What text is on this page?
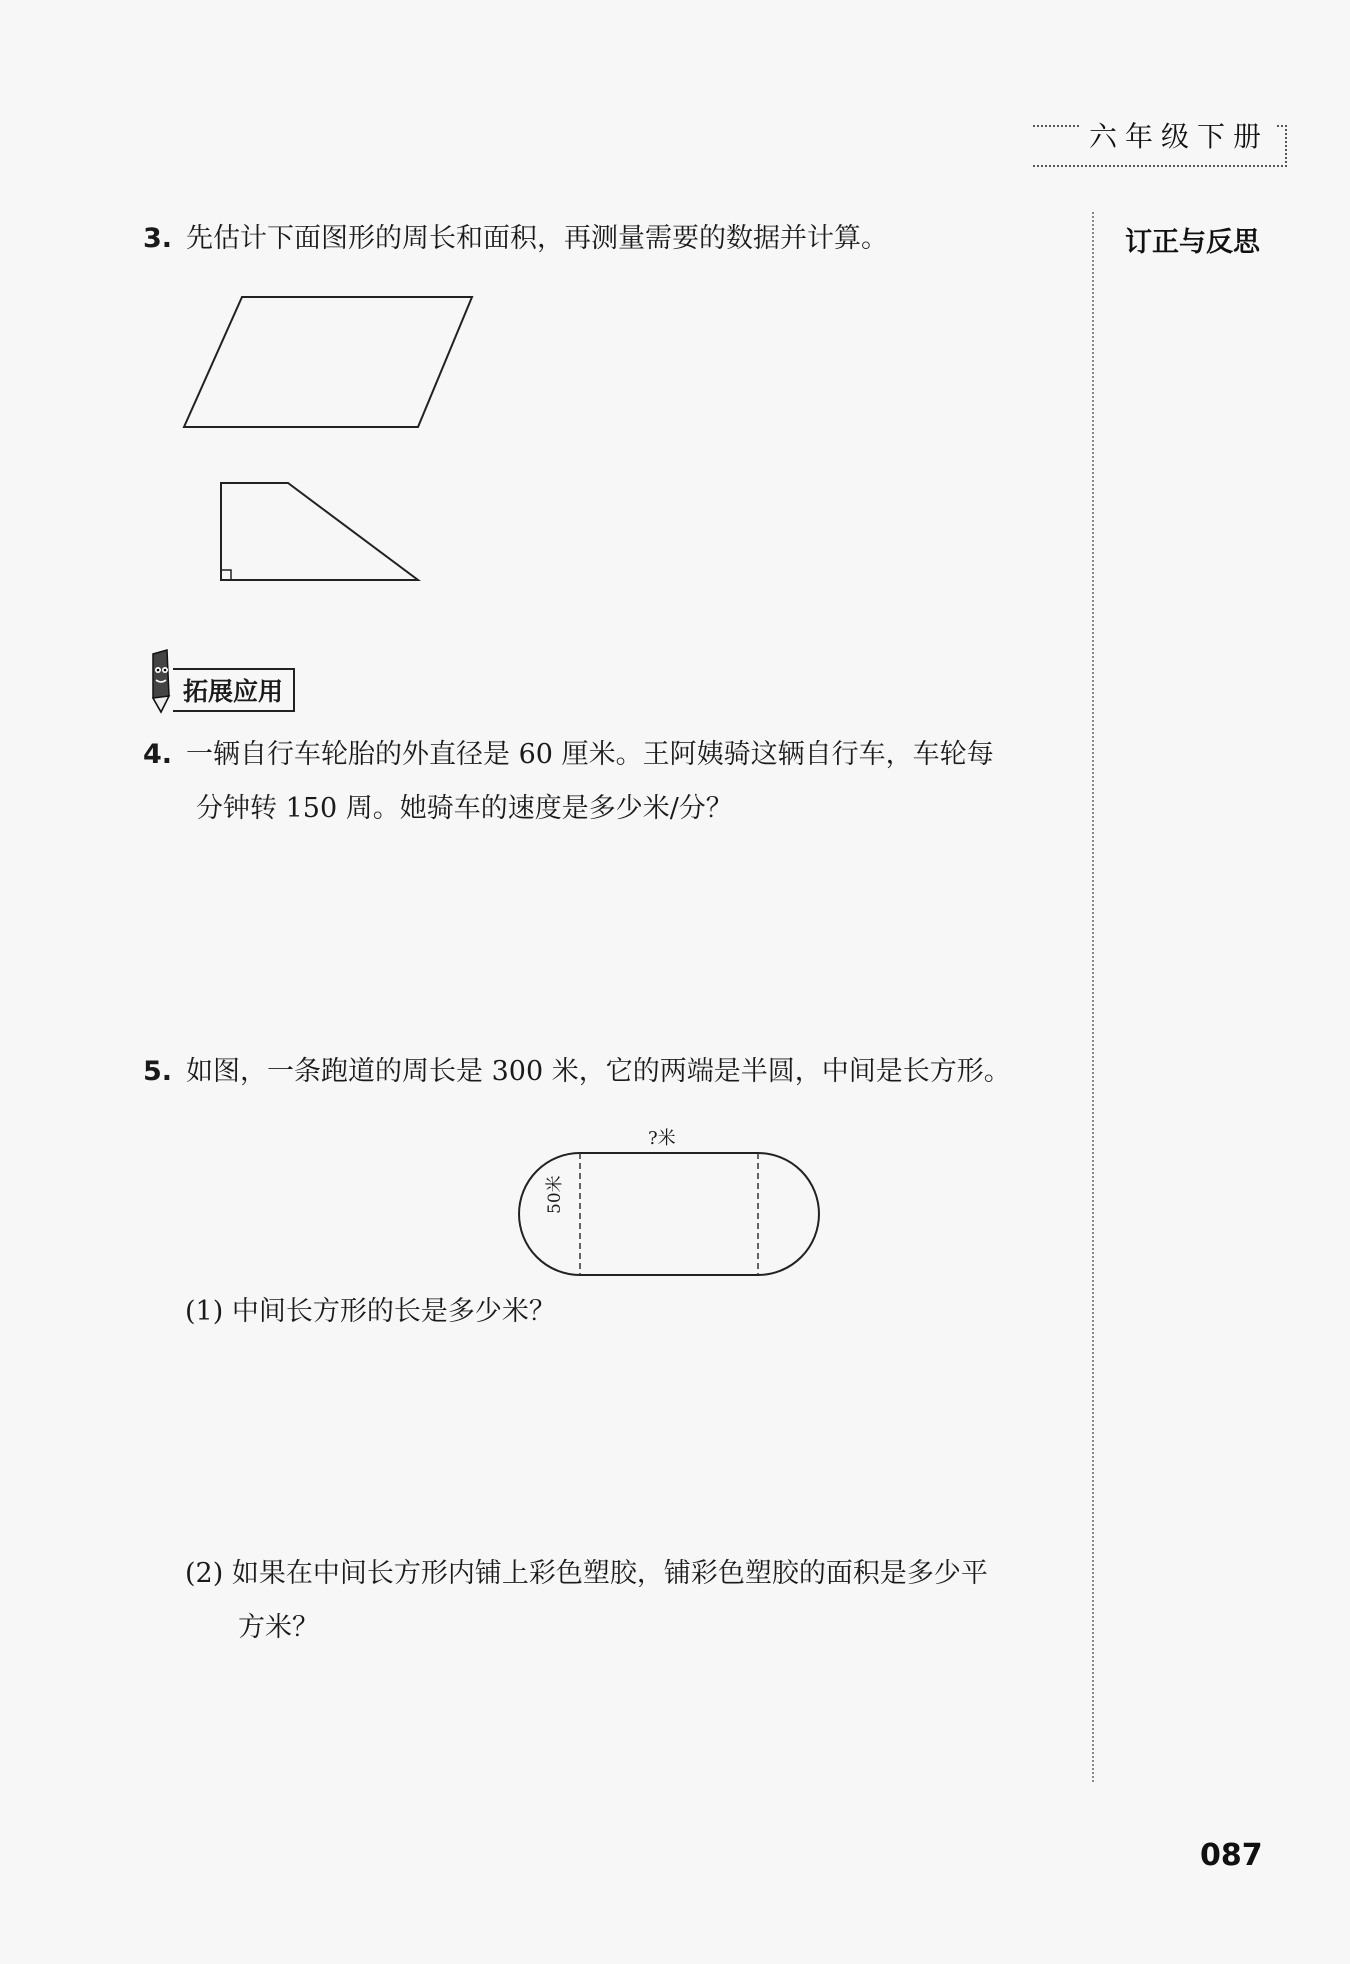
六年级下册
订正与反思
3. 先估计下面图形的周长和面积，再测量需要的数据并计算。
拓展应用
4. 一辆自行车轮胎的外直径是 60 厘米。王阿姨骑这辆自行车，车轮每
分钟转 150 周。她骑车的速度是多少米/分？
5. 如图，一条跑道的周长是 300 米，它的两端是半圆，中间是长方形。
?米
50米
(1) 中间长方形的长是多少米？
(2) 如果在中间长方形内铺上彩色塑胶，铺彩色塑胶的面积是多少平
方米？
087
